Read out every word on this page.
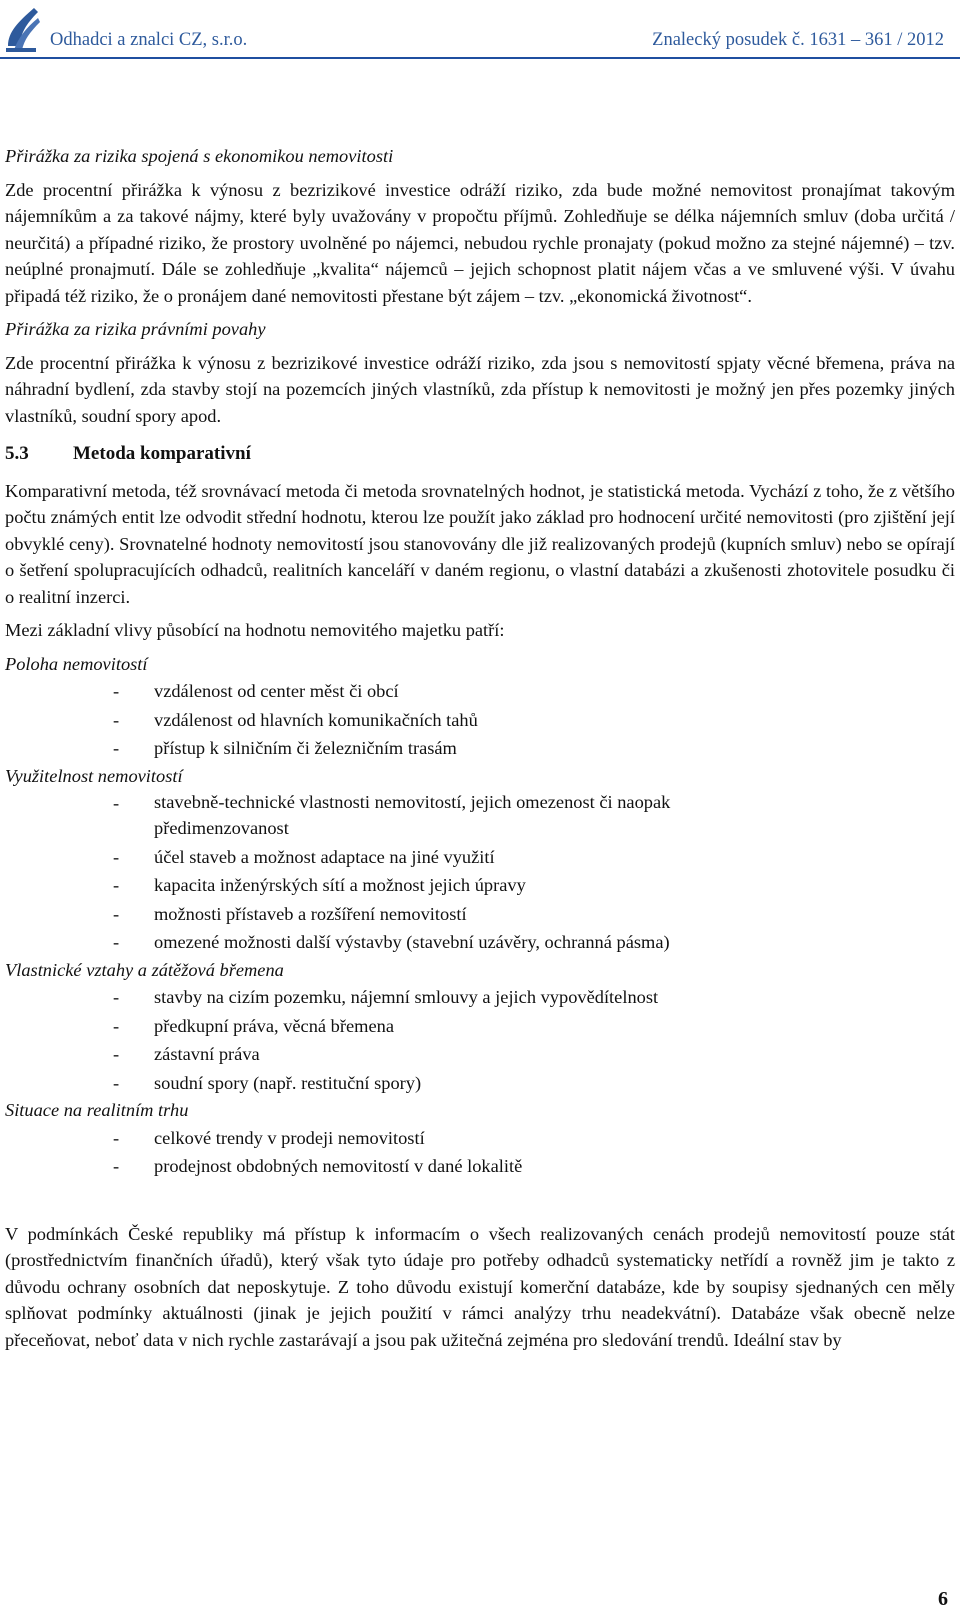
Odhadci a znalci CZ, s.r.o.	Znalecký posudek č. 1631 – 361 / 2012

Přirážka za rizika spojená s ekonomikou nemovitosti

Zde procentní přirážka k výnosu z bezrizikové investice odráží riziko, zda bude možné nemovitost pronajímat takovým nájemníkům a za takové nájmy, které byly uvažovány v propočtu příjmů. Zohledňuje se délka nájemních smluv (doba určitá / neurčitá) a případné riziko, že prostory uvolněné po nájemci, nebudou rychle pronajaty (pokud možno za stejné nájemné) – tzv. neúplné pronajmutí. Dále se zohledňuje „kvalita“ nájemců – jejich schopnost platit nájem včas a ve smluvené výši. V úvahu připadá též riziko, že o pronájem dané nemovitosti přestane být zájem – tzv. „ekonomická životnost“.

Přirážka za rizika právními povahy

Zde procentní přirážka k výnosu z bezrizikové investice odráží riziko, zda jsou s nemovitostí spjaty věcné břemena, práva na náhradní bydlení, zda stavby stojí na pozemcích jiných vlastníků, zda přístup k nemovitosti je možný jen přes pozemky jiných vlastníků, soudní spory apod.

5.3	Metoda komparativní

Komparativní metoda, též srovnávací metoda či metoda srovnatelných hodnot, je statistická metoda. Vychází z toho, že z většího počtu známých entit lze odvodit střední hodnotu, kterou lze použít jako základ pro hodnocení určité nemovitosti (pro zjištění její obvyklé ceny). Srovnatelné hodnoty nemovitostí jsou stanovovány dle již realizovaných prodejů (kupních smluv) nebo se opírají o šetření spolupracujících odhadců, realitních kanceláří v daném regionu, o vlastní databázi a zkušenosti zhotovitele posudku či o realitní inzerci.

Mezi základní vlivy působící na hodnotu nemovitého majetku patří:

Poloha nemovitostí

- vzdálenost od center měst či obcí
- vzdálenost od hlavních komunikačních tahů
- přístup k silničním či železničním trasám

Využitelnost nemovitostí

- stavebně-technické vlastnosti nemovitostí, jejich omezenost či naopak předimenzovanost
- účel staveb a možnost adaptace na jiné využití
- kapacita inženýrských sítí a možnost jejich úpravy
- možnosti přístaveb a rozšíření nemovitostí
- omezené možnosti další výstavby (stavební uzávěry, ochranná pásma)

Vlastnické vztahy a zátěžová břemena

- stavby na cizím pozemku, nájemní smlouvy a jejich vypovědítelnost
- předkupní práva, věcná břemena
- zástavní práva
- soudní spory (např. restituční spory)

Situace na realitním trhu

- celkové trendy v prodeji nemovitostí
- prodejnost obdobných nemovitostí v dané lokalitě

V podmínkách České republiky má přístup k informacím o všech realizovaných cenách prodejů nemovitostí pouze stát (prostřednictvím finančních úřadů), který však tyto údaje pro potřeby odhadců systematicky netřídí a rovněž jim je takto z důvodu ochrany osobních dat neposkytuje. Z toho důvodu existují komerční databáze, kde by soupisy sjednaných cen měly splňovat podmínky aktuálnosti (jinak je jejich použití v rámci analýzy trhu neadekvátní). Databáze však obecně nelze přeceňovat, neboť data v nich rychle zastarávají a jsou pak užitečná zejména pro sledování trendů. Ideální stav by

6
